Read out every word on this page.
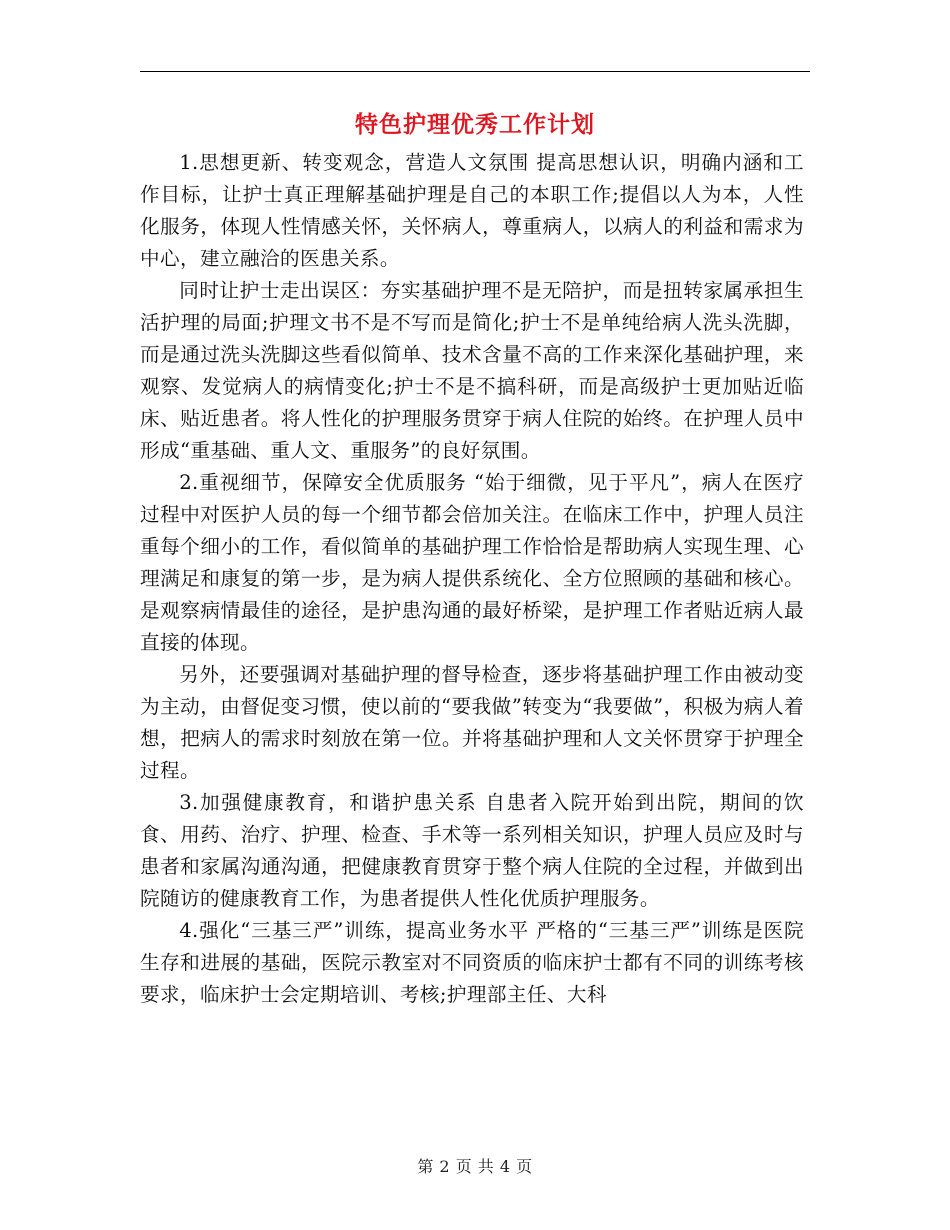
特色护理优秀工作计划

1.思想更新、转变观念，营造人文氛围 提高思想认识，明确内涵和工作目标，让护士真正理解基础护理是自己的本职工作;提倡以人为本，人性化服务，体现人性情感关怀，关怀病人，尊重病人，以病人的利益和需求为中心，建立融洽的医患关系。

同时让护士走出误区：夯实基础护理不是无陪护，而是扭转家属承担生活护理的局面;护理文书不是不写而是简化;护士不是单纯给病人洗头洗脚，而是通过洗头洗脚这些看似简单、技术含量不高的工作来深化基础护理，来观察、发觉病人的病情变化;护士不是不搞科研，而是高级护士更加贴近临床、贴近患者。将人性化的护理服务贯穿于病人住院的始终。在护理人员中形成“重基础、重人文、重服务”的良好氛围。

2.重视细节，保障安全优质服务 “始于细微，见于平凡”，病人在医疗过程中对医护人员的每一个细节都会倍加关注。在临床工作中，护理人员注重每个细小的工作，看似简单的基础护理工作恰恰是帮助病人实现生理、心理满足和康复的第一步，是为病人提供系统化、全方位照顾的基础和核心。是观察病情最佳的途径，是护患沟通的最好桥梁，是护理工作者贴近病人最直接的体现。

另外，还要强调对基础护理的督导检查，逐步将基础护理工作由被动变为主动，由督促变习惯，使以前的“要我做”转变为“我要做”，积极为病人着想，把病人的需求时刻放在第一位。并将基础护理和人文关怀贯穿于护理全过程。

3.加强健康教育，和谐护患关系 自患者入院开始到出院，期间的饮食、用药、治疗、护理、检查、手术等一系列相关知识，护理人员应及时与患者和家属沟通沟通，把健康教育贯穿于整个病人住院的全过程，并做到出院随访的健康教育工作，为患者提供人性化优质护理服务。

4.强化“三基三严”训练，提高业务水平 严格的“三基三严”训练是医院生存和进展的基础，医院示教室对不同资质的临床护士都有不同的训练考核要求，临床护士会定期培训、考核;护理部主任、大科

第 2 页 共 4 页
